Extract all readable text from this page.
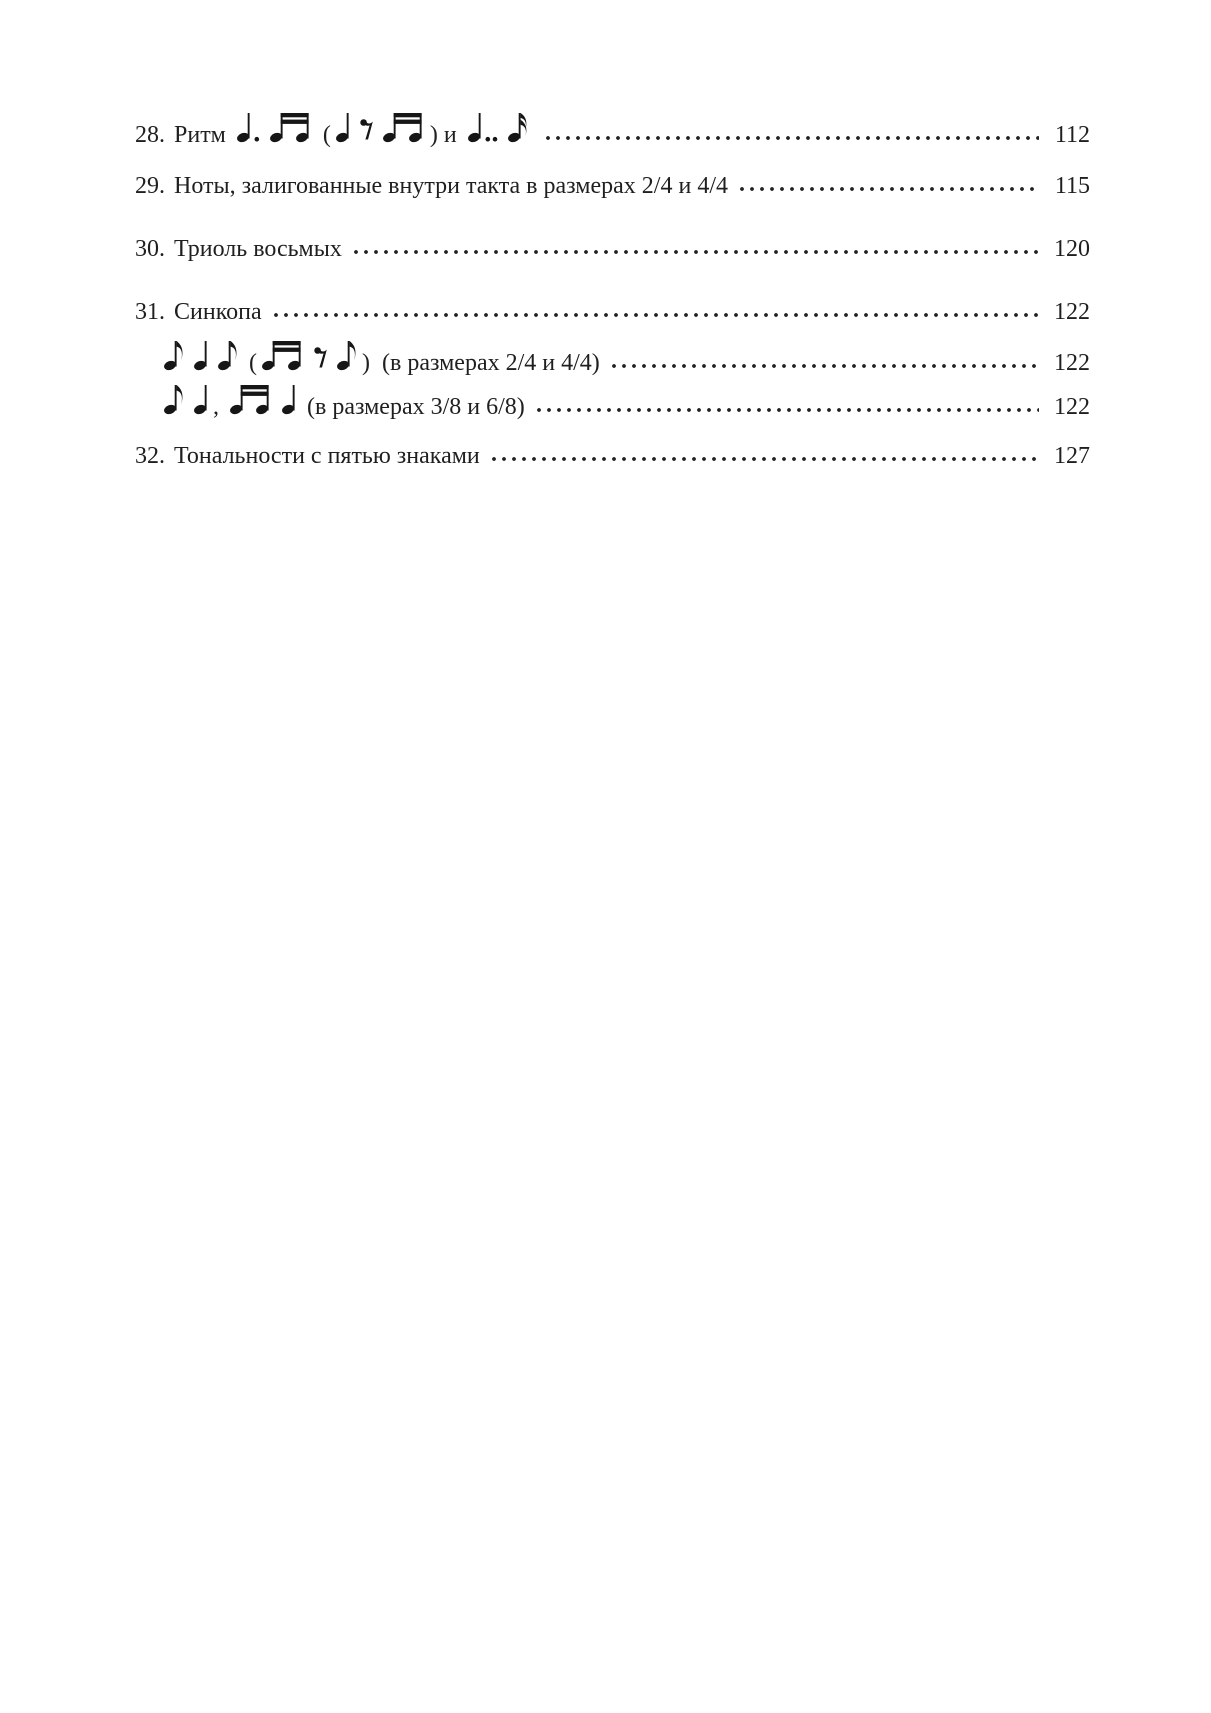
28. Ритм	(	) и	112
29. Ноты, залигованные внутри такта в размерах 2/4 и 4/4	115
30. Триоль восьмых	120
31. Синкопа	122
(	)  (в размерах 2/4 и 4/4)	122
,	(в размерах 3/8 и 6/8)	122
32. Тональности с пятью знаками	127
